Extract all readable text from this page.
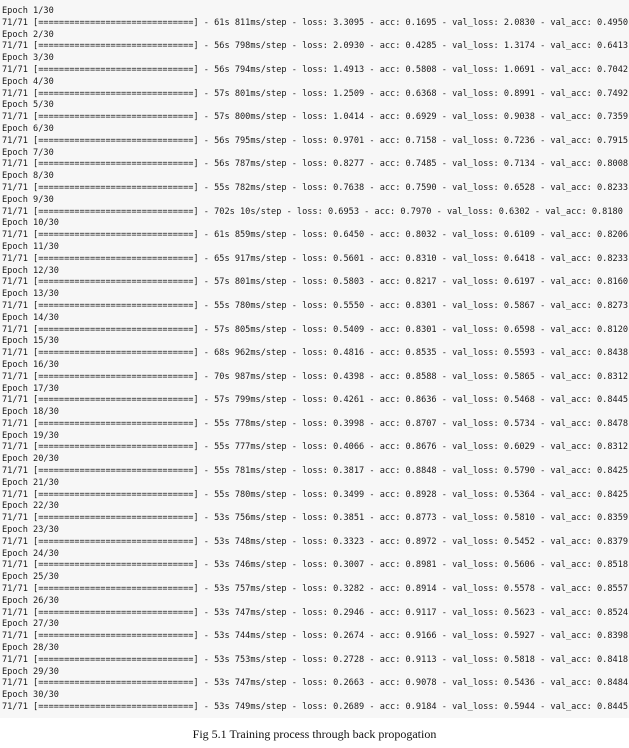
Epoch 1/30
71/71 [==============================] - 61s 811ms/step - loss: 3.3095 - acc: 0.1695 - val_loss: 2.0830 - val_acc: 0.4950
Epoch 2/30
71/71 [==============================] - 56s 798ms/step - loss: 2.0930 - acc: 0.4285 - val_loss: 1.3174 - val_acc: 0.6413
Epoch 3/30
71/71 [==============================] - 56s 794ms/step - loss: 1.4913 - acc: 0.5808 - val_loss: 1.0691 - val_acc: 0.7042
Epoch 4/30
71/71 [==============================] - 57s 801ms/step - loss: 1.2509 - acc: 0.6368 - val_loss: 0.8991 - val_acc: 0.7492
Epoch 5/30
71/71 [==============================] - 57s 800ms/step - loss: 1.0414 - acc: 0.6929 - val_loss: 0.9038 - val_acc: 0.7359
Epoch 6/30
71/71 [==============================] - 56s 795ms/step - loss: 0.9701 - acc: 0.7158 - val_loss: 0.7236 - val_acc: 0.7915
Epoch 7/30
71/71 [==============================] - 56s 787ms/step - loss: 0.8277 - acc: 0.7485 - val_loss: 0.7134 - val_acc: 0.8008
Epoch 8/30
71/71 [==============================] - 55s 782ms/step - loss: 0.7638 - acc: 0.7590 - val_loss: 0.6528 - val_acc: 0.8233
Epoch 9/30
71/71 [==============================] - 702s 10s/step - loss: 0.6953 - acc: 0.7970 - val_loss: 0.6302 - val_acc: 0.8180
Epoch 10/30
71/71 [==============================] - 61s 859ms/step - loss: 0.6450 - acc: 0.8032 - val_loss: 0.6109 - val_acc: 0.8206
Epoch 11/30
71/71 [==============================] - 65s 917ms/step - loss: 0.5601 - acc: 0.8310 - val_loss: 0.6418 - val_acc: 0.8233
Epoch 12/30
71/71 [==============================] - 57s 801ms/step - loss: 0.5803 - acc: 0.8217 - val_loss: 0.6197 - val_acc: 0.8160
Epoch 13/30
71/71 [==============================] - 55s 780ms/step - loss: 0.5550 - acc: 0.8301 - val_loss: 0.5867 - val_acc: 0.8273
Epoch 14/30
71/71 [==============================] - 57s 805ms/step - loss: 0.5409 - acc: 0.8301 - val_loss: 0.6598 - val_acc: 0.8120
Epoch 15/30
71/71 [==============================] - 68s 962ms/step - loss: 0.4816 - acc: 0.8535 - val_loss: 0.5593 - val_acc: 0.8438
Epoch 16/30
71/71 [==============================] - 70s 987ms/step - loss: 0.4398 - acc: 0.8588 - val_loss: 0.5865 - val_acc: 0.8312
Epoch 17/30
71/71 [==============================] - 57s 799ms/step - loss: 0.4261 - acc: 0.8636 - val_loss: 0.5468 - val_acc: 0.8445
Epoch 18/30
71/71 [==============================] - 55s 778ms/step - loss: 0.3998 - acc: 0.8707 - val_loss: 0.5734 - val_acc: 0.8478
Epoch 19/30
71/71 [==============================] - 55s 777ms/step - loss: 0.4066 - acc: 0.8676 - val_loss: 0.6029 - val_acc: 0.8312
Epoch 20/30
71/71 [==============================] - 55s 781ms/step - loss: 0.3817 - acc: 0.8848 - val_loss: 0.5790 - val_acc: 0.8425
Epoch 21/30
71/71 [==============================] - 55s 780ms/step - loss: 0.3499 - acc: 0.8928 - val_loss: 0.5364 - val_acc: 0.8425
Epoch 22/30
71/71 [==============================] - 53s 756ms/step - loss: 0.3851 - acc: 0.8773 - val_loss: 0.5810 - val_acc: 0.8359
Epoch 23/30
71/71 [==============================] - 53s 748ms/step - loss: 0.3323 - acc: 0.8972 - val_loss: 0.5452 - val_acc: 0.8379
Epoch 24/30
71/71 [==============================] - 53s 746ms/step - loss: 0.3007 - acc: 0.8981 - val_loss: 0.5606 - val_acc: 0.8518
Epoch 25/30
71/71 [==============================] - 53s 757ms/step - loss: 0.3282 - acc: 0.8914 - val_loss: 0.5578 - val_acc: 0.8557
Epoch 26/30
71/71 [==============================] - 53s 747ms/step - loss: 0.2946 - acc: 0.9117 - val_loss: 0.5623 - val_acc: 0.8524
Epoch 27/30
71/71 [==============================] - 53s 744ms/step - loss: 0.2674 - acc: 0.9166 - val_loss: 0.5927 - val_acc: 0.8398
Epoch 28/30
71/71 [==============================] - 53s 753ms/step - loss: 0.2728 - acc: 0.9113 - val_loss: 0.5818 - val_acc: 0.8418
Epoch 29/30
71/71 [==============================] - 53s 747ms/step - loss: 0.2663 - acc: 0.9078 - val_loss: 0.5436 - val_acc: 0.8484
Epoch 30/30
71/71 [==============================] - 53s 749ms/step - loss: 0.2689 - acc: 0.9184 - val_loss: 0.5944 - val_acc: 0.8445
Fig 5.1 Training process through back propogation
